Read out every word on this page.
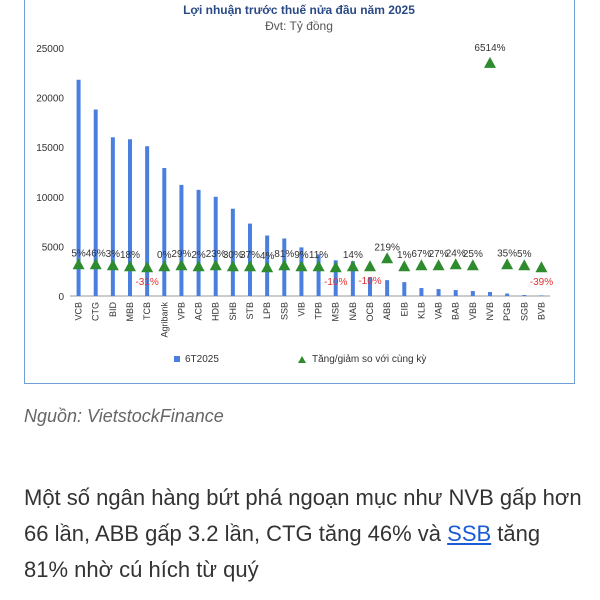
Lợi nhuận trước thuế nửa đầu năm 2025
Đvt: Tỷ đồng
25000
20000
15000
10000
5000
0
5% 46% 3% 18%
-31%
0% 29% 2% 23%
30%
37% 4% 81% 9% 11%
-10%
14%
-10%
219%
1% 67%
27%
24%
25%
6514%
35% 5%
-39%
VCB CTG BID MBB TCB Agribank VPB ACB HDB SHB STB LPB SSB VIB TPB MSB NAB OCB ABB EIB KLB VAB BAB VBB NVB PGB SGB BVB
6T2025	Tăng/giảm so với cùng kỳ
Nguồn: VietstockFinance
Một số ngân hàng bứt phá ngoạn mục như NVB gấp hơn 66 lần, ABB gấp 3.2 lần, CTG tăng 46% và SSB tăng 81% nhờ cú hích từ quý
